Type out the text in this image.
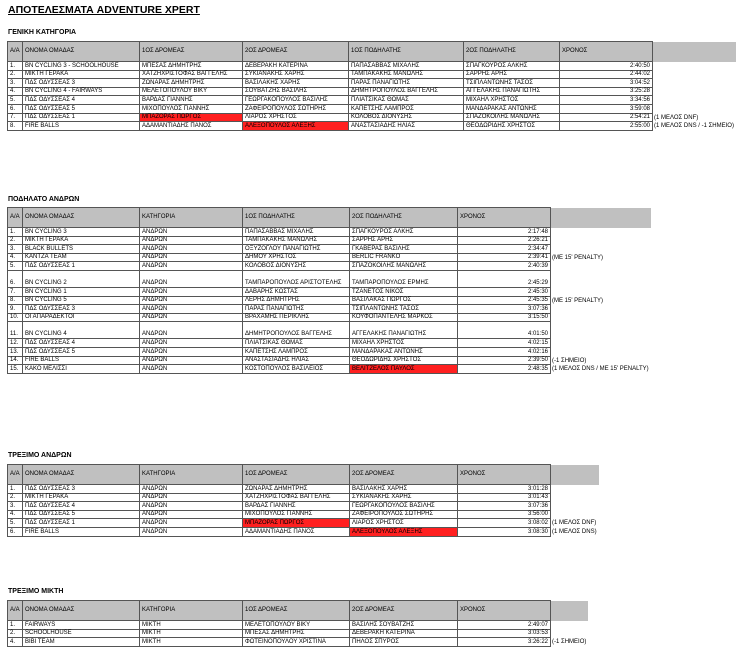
ΑΠΟΤΕΛΕΣΜΑΤΑ ADVENTURE XPERT
ΓΕΝΙΚΗ ΚΑΤΗΓΟΡΙΑ
Α/Α	ΟΝΟΜΑ ΟΜΑΔΑΣ	1ΟΣ ΔΡΟΜΕΑΣ	2ΟΣ ΔΡΟΜΕΑΣ	1ΟΣ ΠΟΔΗΛΑΤΗΣ	2ΟΣ ΠΟΔΗΛΑΤΗΣ	ΧΡΟΝΟΣ	
1.	BN CYCLING 3 - SCHOOLHOUSE	ΜΠΕΣΑΣ ΔΗΜΗΤΡΗΣ	ΔΕΒΕΡΑΚΗ ΚΑΤΕΡΙΝΑ	ΠΑΠΑΣΑΒΒΑΣ ΜΙΧΑΛΗΣ	ΣΠΑΓΚΟΥΡΟΣ ΑΛΚΗΣ	2:40:50	
2.	ΜΙΚΤΗ ΓΕΡΑΚΑ	ΧΑΤΖΗΧΡΙΣΤΟΦΑΣ ΒΑΓΓΕΛΗΣ	ΣΥΚΙΑΝΑΚΗΣ ΧΑΡΗΣ	ΤΑΜΠΑΚΑΚΗΣ ΜΑΝΩΛΗΣ	ΣΑΡΡΗΣ ΑΡΗΣ	2:44:02	
3.	ΠΔΣ ΟΔΥΣΣΕΑΣ 3	ΖΩΝΑΡΑΣ ΔΗΜΗΤΡΗΣ	ΒΑΣΙΛΑΚΗΣ ΧΑΡΗΣ	ΠΑΡΑΣ ΠΑΝΑΓΙΩΤΗΣ	ΤΣΙΠΛΑΝΤΩΝΗΣ ΤΑΣΟΣ	3:04:52	
4.	BN CYCLING 4 - FAIRWAYS	ΜΕΛΕΤΟΠΟΥΛΟΥ ΒΙΚΥ	ΣΟΥΒΑΤΖΗΣ ΒΑΣΙΛΗΣ	ΔΗΜΗΤΡΟΠΟΥΛΟΣ ΒΑΓΓΕΛΗΣ	ΑΓΓΕΛΑΚΗΣ ΠΑΝΑΓΙΩΤΗΣ	3:25:28	
5.	ΠΔΣ ΟΔΥΣΣΕΑΣ 4	ΒΑΡΔΑΣ ΓΙΑΝΝΗΣ	ΓΕΩΡΓΑΚΟΠΟΥΛΟΣ ΒΑΣΙΛΗΣ	ΠΛΙΑΤΣΙΚΑΣ ΘΩΜΑΣ	ΜΙΧΑΗΛ ΧΡΗΣΤΟΣ	3:34:56	
6.	ΠΔΣ ΟΔΥΣΣΕΑΣ 5	ΜΙΧΟΠΟΥΛΟΣ ΓΙΑΝΝΗΣ	ΖΑΦΕΙΡΟΠΟΥΛΟΣ ΣΩΤΗΡΗΣ	ΚΑΠΕΤΣΗΣ ΛΑΜΠΡΟΣ	ΜΑΝΔΑΡΑΚΑΣ ΑΝΤΩΝΗΣ	3:59:08	
7.	ΠΔΣ ΟΔΥΣΣΕΑΣ 1	ΜΠΑΖΟΡΑΣ ΠΩΡΓΟΣ	ΛΙΑΡΟΣ ΧΡΗΣΤΟΣ	ΚΟΛΟΒΟΣ ΔΙΟΝΥΣΗΣ	ΣΠΑΖΟΚΟΙΛΗΣ ΜΑΝΩΛΗΣ	2:54:21	(1 ΜΕΛΟΣ DNF)
8.	FIRE BALLS	ΑΔΑΜΑΝΤΙΑΔΗΣ ΠΑΝΟΣ	ΑΛΕΞΟΠΟΥΛΟΣ ΑΛΕΞΗΣ	ΑΝΑΣΤΑΣΙΑΔΗΣ ΗΛΙΑΣ	ΘΕΟΔΩΡΙΔΗΣ ΧΡΗΣΤΟΣ	2:55:00	(1 ΜΕΛΟΣ DNS / -1 ΣΗΜΕΙΟ)
ΠΟΔΗΛΑΤΟ ΑΝΔΡΩΝ
Α/Α	ΟΝΟΜΑ ΟΜΑΔΑΣ	ΚΑΤΗΓΟΡΙΑ	1ΟΣ ΠΟΔΗΛΑΤΗΣ	2ΟΣ ΠΟΔΗΛΑΤΗΣ	ΧΡΟΝΟΣ	
1.	BN CYCLING 3	ΑΝΔΡΩΝ	ΠΑΠΑΣΑΒΒΑΣ ΜΙΧΑΛΗΣ	ΣΠΑΓΚΟΥΡΟΣ ΑΛΚΗΣ	2:17:48	
2.	ΜΙΚΤΗ ΓΕΡΑΚΑ	ΑΝΔΡΩΝ	ΤΑΜΠΑΚΑΚΗΣ ΜΑΝΩΛΗΣ	ΣΑΡΡΗΣ ΑΡΗΣ	2:26:21	
3.	BLACK BULLETS	ΑΝΔΡΩΝ	ΟΞΥΖΟΓΛΟΥ ΠΑΝΑΓΙΩΤΗΣ	ΓΚΑΒΕΡΑΣ ΒΑΣΙΛΗΣ	2:34:47	
4.	ΚΑΝΤΖΑ TEAM	ΑΝΔΡΩΝ	ΔΗΜΟΥ ΧΡΗΣΤΟΣ	BERLIC FRANKO	2:39:41	(ΜΕ 15' PENALTY)
5.	ΠΔΣ ΟΔΥΣΣΕΑΣ 1	ΑΝΔΡΩΝ	ΚΟΛΟΒΟΣ ΔΙΟΝΥΣΗΣ	ΣΠΑΖΟΚΟΙΛΗΣ ΜΑΝΩΛΗΣ	2:40:39	
6.	BN CYCLING 2	ΑΝΔΡΩΝ	ΤΑΜΠΑΡΟΠΟΥΛΟΣ ΑΡΙΣΤΟΤΕΛΗΣ	ΤΑΜΠΑΡΟΠΟΥΛΟΣ ΕΡΜΗΣ	2:45:29	
7.	BN CYCLING 1	ΑΝΔΡΩΝ	ΔΑΒΑΡΗΣ ΚΩΣΤΑΣ	ΤΖΑΝΕΤΟΣ ΝΙΚΟΣ	2:45:30	
8.	BN CYCLING 5	ΑΝΔΡΩΝ	ΛΕΡΗΣ ΔΗΜΗΤΡΗΣ	ΒΑΣΙΛΑΚΑΣ ΠΩΡΓΟΣ	2:45:35	(ΜΕ 15' PENALTY)
9.	ΠΔΣ ΟΔΥΣΣΕΑΣ 3	ΑΝΔΡΩΝ	ΠΑΡΑΣ ΠΑΝΑΓΙΩΤΗΣ	ΤΣΙΠΛΑΝΤΩΝΗΣ ΤΑΣΟΣ	3:07:36	
10.	ΟΙ ΑΠΑΡΑΔΕΚΤΟΙ	ΑΝΔΡΩΝ	ΒΡΑΧΑΜΗΣ ΠΕΡΙΚΛΗΣ	ΚΟΥΦΟΠΑΝΤΕΛΗΣ ΜΑΡΚΟΣ	3:15:50	
11.	BN CYCLING 4	ΑΝΔΡΩΝ	ΔΗΜΗΤΡΟΠΟΥΛΟΣ ΒΑΓΓΕΛΗΣ	ΑΓΓΕΛΑΚΗΣ ΠΑΝΑΓΙΩΤΗΣ	4:01:50	
12.	ΠΔΣ ΟΔΥΣΣΕΑΣ 4	ΑΝΔΡΩΝ	ΠΛΙΑΤΣΙΚΑΣ ΘΩΜΑΣ	ΜΙΧΑΗΛ ΧΡΗΣΤΟΣ	4:02:15	
13.	ΠΔΣ ΟΔΥΣΣΕΑΣ 5	ΑΝΔΡΩΝ	ΚΑΠΕΤΣΗΣ ΛΑΜΠΡΟΣ	ΜΑΝΔΑΡΑΚΑΣ ΑΝΤΩΝΗΣ	4:02:16	
14.	FIRE BALLS	ΑΝΔΡΩΝ	ΑΝΑΣΤΑΣΙΑΔΗΣ ΗΛΙΑΣ	ΘΕΟΔΩΡΙΔΗΣ ΧΡΗΣΤΟΣ	2:39:50	(-1 ΣΗΜΕΙΟ)
15.	ΚΑΚΟ ΜΕΛΙΣΣΙ	ΑΝΔΡΩΝ	ΚΟΣΤΟΠΟΥΛΟΣ ΒΑΣΙΛΕΙΟΣ	ΒΕΛΙΤΖΕΛΟΣ ΠΑΥΛΟΣ	2:48:35	(1 ΜΕΛΟΣ DNS / ΜΕ 15' PENALTY)
ΤΡΕΞΙΜΟ ΑΝΔΡΩΝ
Α/Α	ΟΝΟΜΑ ΟΜΑΔΑΣ	ΚΑΤΗΓΟΡΙΑ	1ΟΣ ΔΡΟΜΕΑΣ	2ΟΣ ΔΡΟΜΕΑΣ	ΧΡΟΝΟΣ	
1.	ΠΔΣ ΟΔΥΣΣΕΑΣ 3	ΑΝΔΡΩΝ	ΖΩΝΑΡΑΣ ΔΗΜΗΤΡΗΣ	ΒΑΣΙΛΑΚΗΣ ΧΑΡΗΣ	3:01:28	
2.	ΜΙΚΤΗ ΓΕΡΑΚΑ	ΑΝΔΡΩΝ	ΧΑΤΖΗΧΡΙΣΤΟΦΑΣ ΒΑΓΓΕΛΗΣ	ΣΥΚΙΑΝΑΚΗΣ ΧΑΡΗΣ	3:01:43	
3.	ΠΔΣ ΟΔΥΣΣΕΑΣ 4	ΑΝΔΡΩΝ	ΒΑΡΔΑΣ ΓΙΑΝΝΗΣ	ΓΕΩΡΓΑΚΟΠΟΥΛΟΣ ΒΑΣΙΛΗΣ	3:07:36	
4.	ΠΔΣ ΟΔΥΣΣΕΑΣ 5	ΑΝΔΡΩΝ	ΜΙΧΟΠΟΥΛΟΣ ΓΙΑΝΝΗΣ	ΖΑΦΕΙΡΟΠΟΥΛΟΣ ΣΩΤΗΡΗΣ	3:56:00	
5.	ΠΔΣ ΟΔΥΣΣΕΑΣ 1	ΑΝΔΡΩΝ	ΜΠΑΖΟΡΑΣ ΠΩΡΓΟΣ	ΛΙΑΡΟΣ ΧΡΗΣΤΟΣ	3:08:02	(1 ΜΕΛΟΣ DNF)
6.	FIRE BALLS	ΑΝΔΡΩΝ	ΑΔΑΜΑΝΤΙΑΔΗΣ ΠΑΝΟΣ	ΑΛΕΞΟΠΟΥΛΟΣ ΑΛΕΞΗΣ	3:08:30	(1 ΜΕΛΟΣ DNS)
ΤΡΕΞΙΜΟ ΜΙΚΤΗ
Α/Α	ΟΝΟΜΑ ΟΜΑΔΑΣ	ΚΑΤΗΓΟΡΙΑ	1ΟΣ ΔΡΟΜΕΑΣ	2ΟΣ ΔΡΟΜΕΑΣ	ΧΡΟΝΟΣ	
1.	FAIRWAYS	ΜΙΚΤΗ	ΜΕΛΕΤΟΠΟΥΛΟΥ ΒΙΚΥ	ΒΑΣΙΛΗΣ ΣΟΥΒΑΤΖΗΣ	2:49:07	
2.	SCHOOLHOUSE	ΜΙΚΤΗ	ΜΠΕΣΑΣ ΔΗΜΗΤΡΗΣ	ΔΕΒΕΡΑΚΗ ΚΑΤΕΡΙΝΑ	3:03:53	
4.	BIBI TEAM	ΜΙΚΤΗ	ΦΩΤΕΙΝΟΠΟΥΛΟΥ ΧΡΙΣΤΙΝΑ	ΠΗΛΟΣ ΣΠΥΡΟΣ	3:26:22	(-1 ΣΗΜΕΙΟ)
